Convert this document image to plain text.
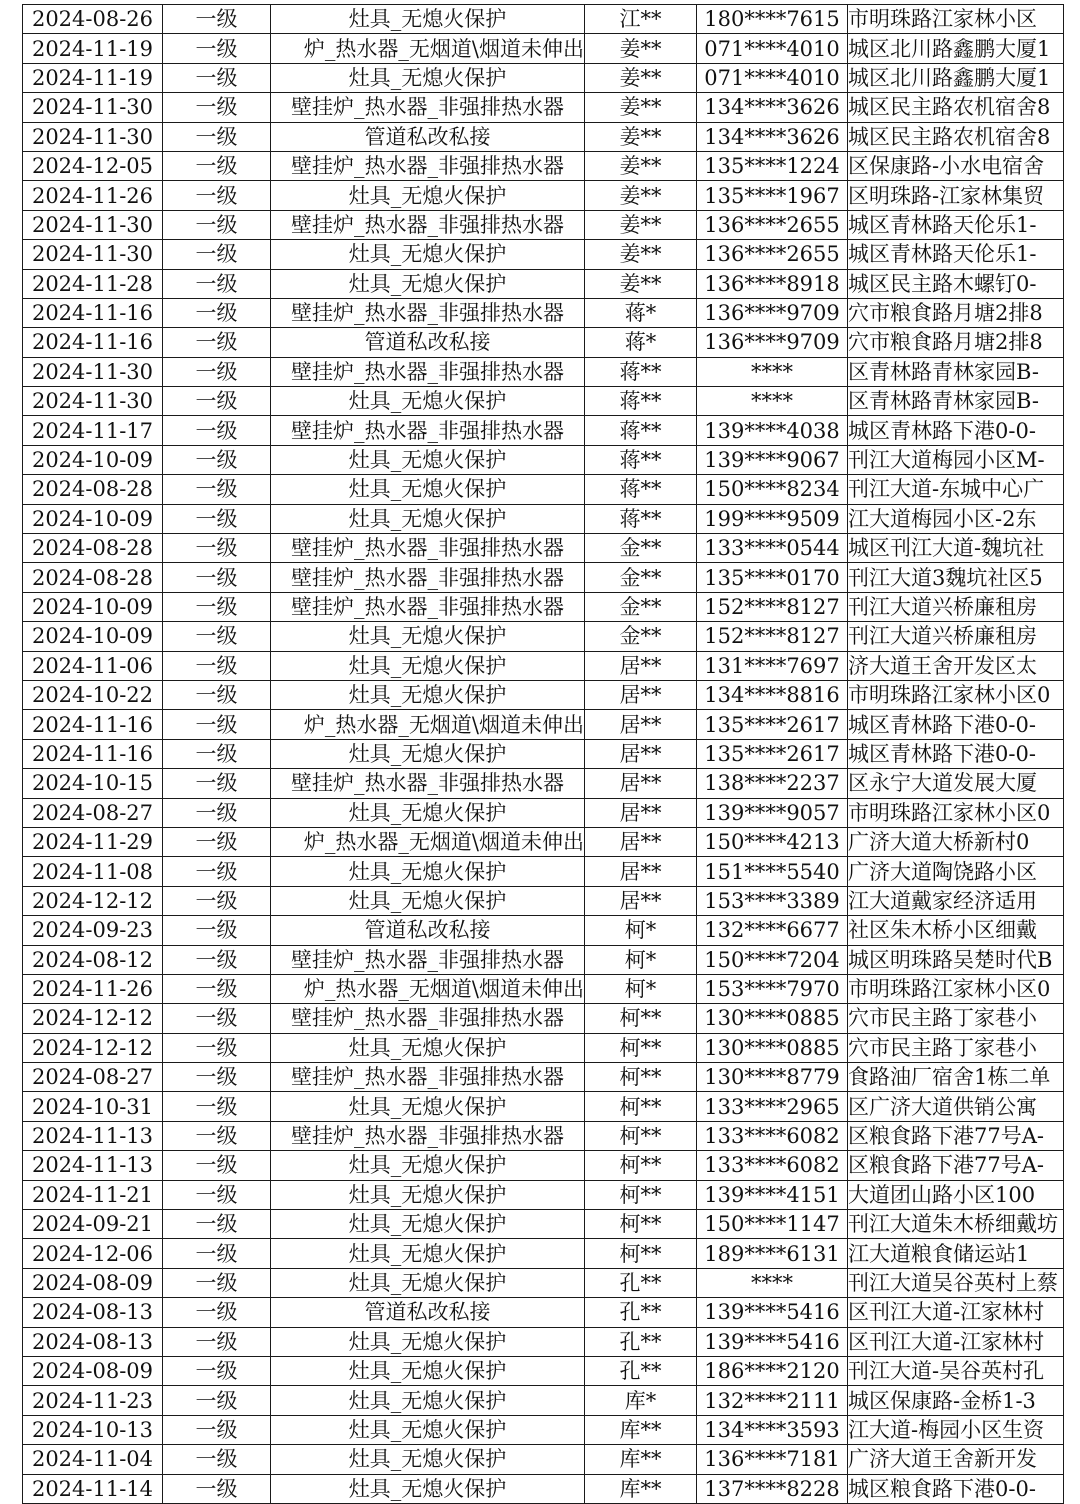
2024-08-26	一级	灶具_无熄火保护	江**	180****7615	市明珠路江家林小区
2024-11-19	一级	炉_热水器_无烟道\烟道未伸出	姜**	071****4010	城区北川路鑫鹏大厦1
2024-11-19	一级	灶具_无熄火保护	姜**	071****4010	城区北川路鑫鹏大厦1
2024-11-30	一级	壁挂炉_热水器_非强排热水器	姜**	134****3626	城区民主路农机宿舍8
2024-11-30	一级	管道私改私接	姜**	134****3626	城区民主路农机宿舍8
2024-12-05	一级	壁挂炉_热水器_非强排热水器	姜**	135****1224	区保康路-小水电宿舍
2024-11-26	一级	灶具_无熄火保护	姜**	135****1967	区明珠路-江家林集贸
2024-11-30	一级	壁挂炉_热水器_非强排热水器	姜**	136****2655	城区青林路天伦乐1-
2024-11-30	一级	灶具_无熄火保护	姜**	136****2655	城区青林路天伦乐1-
2024-11-28	一级	灶具_无熄火保护	姜**	136****8918	城区民主路木螺钉0-
2024-11-16	一级	壁挂炉_热水器_非强排热水器	蒋*	136****9709	穴市粮食路月塘2排8
2024-11-16	一级	管道私改私接	蒋*	136****9709	穴市粮食路月塘2排8
2024-11-30	一级	壁挂炉_热水器_非强排热水器	蒋**	****	区青林路青林家园B-
2024-11-30	一级	灶具_无熄火保护	蒋**	****	区青林路青林家园B-
2024-11-17	一级	壁挂炉_热水器_非强排热水器	蒋**	139****4038	城区青林路下港0-0-
2024-10-09	一级	灶具_无熄火保护	蒋**	139****9067	刊江大道梅园小区M-
2024-08-28	一级	灶具_无熄火保护	蒋**	150****8234	刊江大道-东城中心广
2024-10-09	一级	灶具_无熄火保护	蒋**	199****9509	江大道梅园小区-2东
2024-08-28	一级	壁挂炉_热水器_非强排热水器	金**	133****0544	城区刊江大道-魏坑社
2024-08-28	一级	壁挂炉_热水器_非强排热水器	金**	135****0170	刊江大道3魏坑社区5
2024-10-09	一级	壁挂炉_热水器_非强排热水器	金**	152****8127	刊江大道兴桥廉租房
2024-10-09	一级	灶具_无熄火保护	金**	152****8127	刊江大道兴桥廉租房
2024-11-06	一级	灶具_无熄火保护	居**	131****7697	济大道王舍开发区太
2024-10-22	一级	灶具_无熄火保护	居**	134****8816	市明珠路江家林小区0
2024-11-16	一级	炉_热水器_无烟道\烟道未伸出	居**	135****2617	城区青林路下港0-0-
2024-11-16	一级	灶具_无熄火保护	居**	135****2617	城区青林路下港0-0-
2024-10-15	一级	壁挂炉_热水器_非强排热水器	居**	138****2237	区永宁大道发展大厦
2024-08-27	一级	灶具_无熄火保护	居**	139****9057	市明珠路江家林小区0
2024-11-29	一级	炉_热水器_无烟道\烟道未伸出	居**	150****4213	广济大道大桥新村0
2024-11-08	一级	灶具_无熄火保护	居**	151****5540	广济大道陶饶路小区
2024-12-12	一级	灶具_无熄火保护	居**	153****3389	江大道戴家经济适用
2024-09-23	一级	管道私改私接	柯*	132****6677	社区朱木桥小区细戴
2024-08-12	一级	壁挂炉_热水器_非强排热水器	柯*	150****7204	城区明珠路吴楚时代B
2024-11-26	一级	炉_热水器_无烟道\烟道未伸出	柯*	153****7970	市明珠路江家林小区0
2024-12-12	一级	壁挂炉_热水器_非强排热水器	柯**	130****0885	穴市民主路丁家巷小
2024-12-12	一级	灶具_无熄火保护	柯**	130****0885	穴市民主路丁家巷小
2024-08-27	一级	壁挂炉_热水器_非强排热水器	柯**	130****8779	食路油厂宿舍1栋二单
2024-10-31	一级	灶具_无熄火保护	柯**	133****2965	区广济大道供销公寓
2024-11-13	一级	壁挂炉_热水器_非强排热水器	柯**	133****6082	区粮食路下港77号A-
2024-11-13	一级	灶具_无熄火保护	柯**	133****6082	区粮食路下港77号A-
2024-11-21	一级	灶具_无熄火保护	柯**	139****4151	大道团山路小区100
2024-09-21	一级	灶具_无熄火保护	柯**	150****1147	刊江大道朱木桥细戴坊
2024-12-06	一级	灶具_无熄火保护	柯**	189****6131	江大道粮食储运站1
2024-08-09	一级	灶具_无熄火保护	孔**	****	刊江大道吴谷英村上蔡
2024-08-13	一级	管道私改私接	孔**	139****5416	区刊江大道-江家林村
2024-08-13	一级	灶具_无熄火保护	孔**	139****5416	区刊江大道-江家林村
2024-08-09	一级	灶具_无熄火保护	孔**	186****2120	刊江大道-吴谷英村孔
2024-11-23	一级	灶具_无熄火保护	库*	132****2111	城区保康路-金桥1-3
2024-10-13	一级	灶具_无熄火保护	库**	134****3593	江大道-梅园小区生资
2024-11-04	一级	灶具_无熄火保护	库**	136****7181	广济大道王舍新开发
2024-11-14	一级	灶具_无熄火保护	库**	137****8228	城区粮食路下港0-0-
